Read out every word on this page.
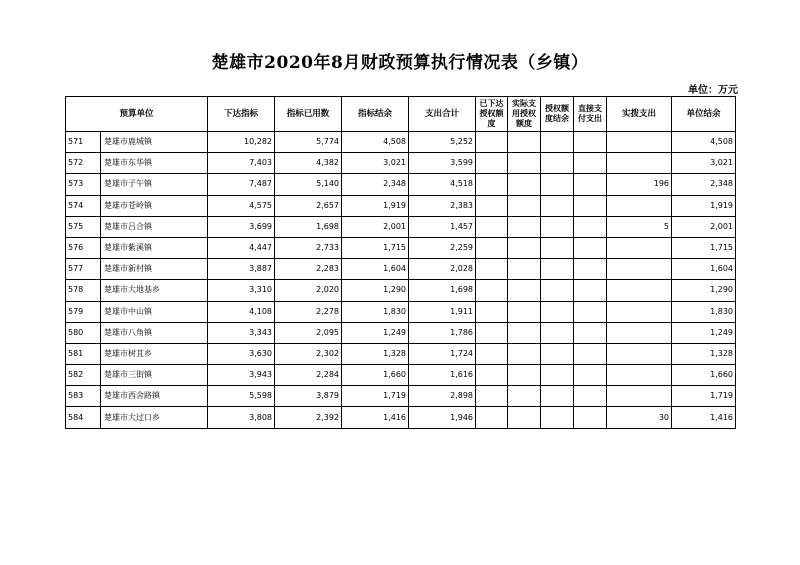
楚雄市2020年8月财政预算执行情况表（乡镇）
单位：万元
预算单位		下达指标	指标已用数	指标结余	支出合计	已下达授权额度	实际支用授权额度	授权额度结余	直接支付支出	实拨支出	单位结余
571	楚雄市鹿城镇	10,282	5,774	4,508	5,252						4,508
572	楚雄市东华镇	7,403	4,382	3,021	3,599						3,021
573	楚雄市子午镇	7,487	5,140	2,348	4,518					196	2,348
574	楚雄市苍岭镇	4,575	2,657	1,919	2,383						1,919
575	楚雄市吕合镇	3,699	1,698	2,001	1,457					5	2,001
576	楚雄市紫溪镇	4,447	2,733	1,715	2,259						1,715
577	楚雄市新村镇	3,887	2,283	1,604	2,028						1,604
578	楚雄市大地基乡	3,310	2,020	1,290	1,698						1,290
579	楚雄市中山镇	4,108	2,278	1,830	1,911						1,830
580	楚雄市八角镇	3,343	2,095	1,249	1,786						1,249
581	楚雄市树苴乡	3,630	2,302	1,328	1,724						1,328
582	楚雄市三街镇	3,943	2,284	1,660	1,616						1,660
583	楚雄市西舍路镇	5,598	3,879	1,719	2,898						1,719
584	楚雄市大过口乡	3,808	2,392	1,416	1,946					30	1,416
